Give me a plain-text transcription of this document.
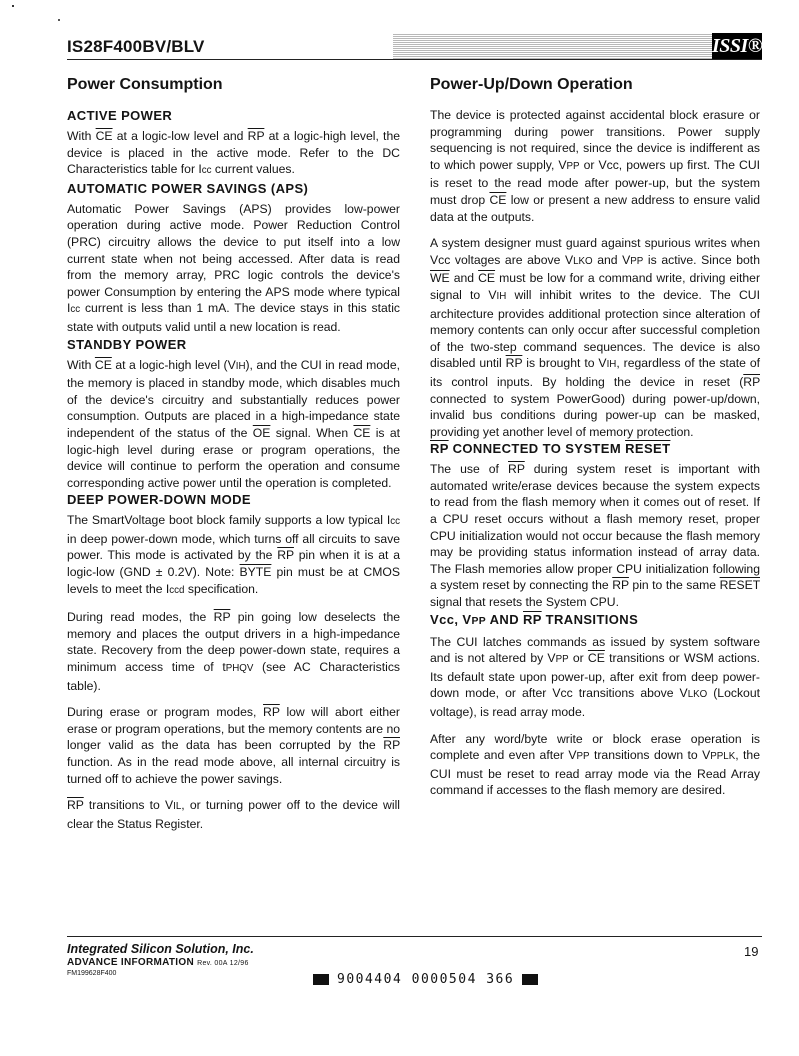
IS28F400BV/BLV	ISSI®
Power Consumption
ACTIVE POWER

With $\overline{CE}$ at a logic-low level and $\overline{RP}$ at a logic-high level, the device is placed in the active mode. Refer to the DC Characteristics table for Icc current values.

AUTOMATIC POWER SAVINGS (APS)

Automatic Power Savings (APS) provides low-power operation during active mode. Power Reduction Control (PRC) circuitry allows the device to put itself into a low current state when not being accessed. After data is read from the memory array, PRC logic controls the device's power Consumption by entering the APS mode where typical Icc current is less than 1 mA. The device stays in this static state with outputs valid until a new location is read.

STANDBY POWER

With $\overline{CE}$ at a logic-high level (VIH), and the CUI in read mode, the memory is placed in standby mode, which disables much of the device's circuitry and substantially reduces power consumption. Outputs are placed in a high-impedance state independent of the status of the $\overline{OE}$ signal. When $\overline{CE}$ is at logic-high level during erase or program operations, the device will continue to perform the operation and consume corresponding active power until the operation is completed.

DEEP POWER-DOWN MODE

The SmartVoltage boot block family supports a low typical Icc in deep power-down mode, which turns off all circuits to save power. This mode is activated by the $\overline{RP}$ pin when it is at a logic-low (GND ± 0.2V). Note: BYTE pin must be at CMOS levels to meet the Iccd specification.

During read modes, the $\overline{RP}$ pin going low deselects the memory and places the output drivers in a high-impedance state. Recovery from the deep power-down state, requires a minimum access time of tPHQV (see AC Characteristics table).

During erase or program modes, $\overline{RP}$ low will abort either erase or program operations, but the memory contents are no longer valid as the data has been corrupted by the $\overline{RP}$ function. As in the read mode above, all internal circuitry is turned off to achieve the power savings.

$\overline{RP}$ transitions to VIL, or turning power off to the device will clear the Status Register.

Power-Up/Down Operation

The device is protected against accidental block erasure or programming during power transitions. Power supply sequencing is not required, since the device is indifferent as to which power supply, VPP or Vcc, powers up first. The CUI is reset to the read mode after power-up, but the system must drop $\overline{CE}$ low or present a new address to ensure valid data at the outputs.

A system designer must guard against spurious writes when Vcc voltages are above VLKO and VPP is active. Since both $\overline{WE}$ and $\overline{CE}$ must be low for a command write, driving either signal to VIH will inhibit writes to the device. The CUI architecture provides additional protection since alteration of memory contents can only occur after successful completion of the two-step command sequences. The device is also disabled until $\overline{RP}$ is brought to VIH, regardless of the state of its control inputs. By holding the device in reset ($\overline{RP}$ connected to system PowerGood) during power-up/down, invalid bus conditions during power-up can be masked, providing yet another level of memory protection.

RP CONNECTED TO SYSTEM RESET

The use of $\overline{RP}$ during system reset is important with automated write/erase devices because the system expects to read from the flash memory when it comes out of reset. If a CPU reset occurs without a flash memory reset, proper CPU initialization would not occur because the flash memory may be providing status information instead of array data. The Flash memories allow proper CPU initialization following a system reset by connecting the $\overline{RP}$ pin to the same RESET signal that resets the System CPU.

Vcc, VPP AND RP TRANSITIONS

The CUI latches commands as issued by system software and is not altered by VPP or $\overline{CE}$ transitions or WSM actions. Its default state upon power-up, after exit from deep power-down mode, or after Vcc transitions above VLKO (Lockout voltage), is read array mode.

After any word/byte write or block erase operation is complete and even after VPP transitions down to VPPLK, the CUI must be reset to read array mode via the Read Array command if accesses to the flash memory are desired.

Integrated Silicon Solution, Inc.

ADVANCE INFORMATION Rev. 00A 12/96

FM199628F400

19

9004404 0000504 366
